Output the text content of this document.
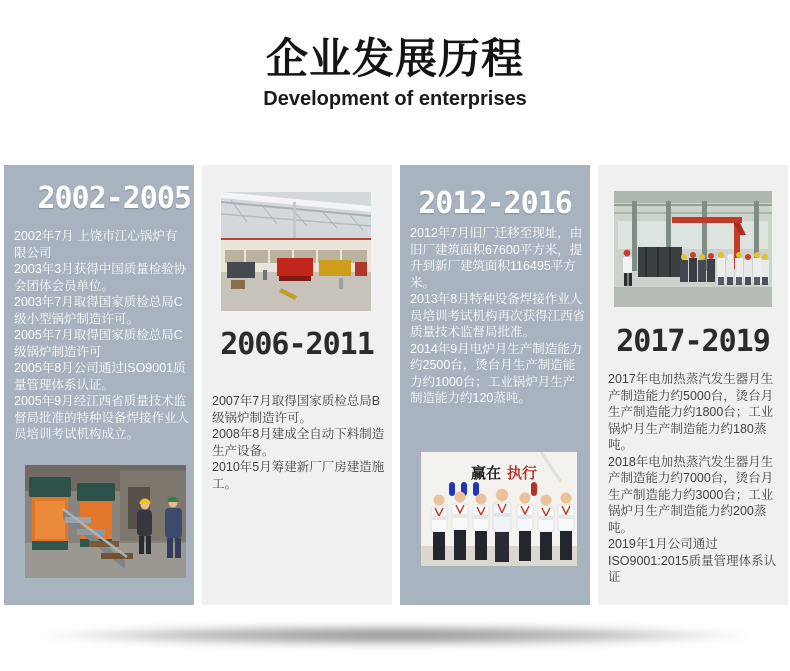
企业发展历程
Development of enterprises
2002-2005

2002年7月 上饶市江心锅炉有限公司

2003年3月获得中国质量检验协会团体会员单位。

2003年7月取得国家质检总局C级小型锅炉制造许可。

2005年7月取得国家质检总局C级锅炉制造许可

2005年8月公司通过ISO9001质量管理体系认证。

2005年9月经江西省质量技术监督局批准的特种设备焊接作业人员培训考试机构成立。

2006-2011

2007年7月取得国家质检总局B级锅炉制造许可。

2008年8月建成全自动下料制造生产设备。

2010年5月筹建新厂厂房建造施工。

2012-2016

2012年7月旧厂迁移至现址，由旧厂建筑面积67600平方米，提升到新厂建筑面积116495平方米。

2013年8月特种设备焊接作业人员培训考试机构再次获得江西省质量技术监督局批准。

2014年9月电炉月生产制造能力约2500台，烫台月生产制造能力约1000台；工业锅炉月生产制造能力约120蒸吨。

赢在 执行
2017-2019

2017年电加热蒸汽发生器月生产制造能力约5000台，烫台月生产制造能力约1800台；工业锅炉月生产制造能力约180蒸吨。

2018年电加热蒸汽发生器月生产制造能力约7000台，烫台月生产制造能力约3000台；工业锅炉月生产制造能力约200蒸吨。

2019年1月公司通过ISO9001:2015质量管理体系认证
